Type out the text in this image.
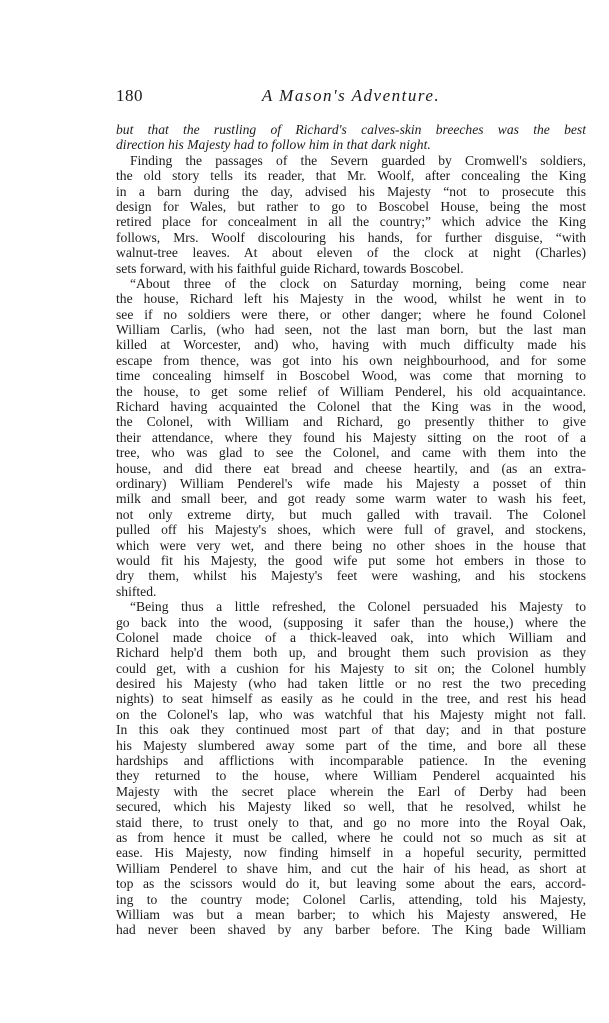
180	A Mason's Adventure.
but that the rustling of Richard's calves-skin breeches was the best
direction his Majesty had to follow him in that dark night.
Finding the passages of the Severn guarded by Cromwell's soldiers,
the old story tells its reader, that Mr. Woolf, after concealing the King
in a barn during the day, advised his Majesty “not to prosecute this
design for Wales, but rather to go to Boscobel House, being the most
retired place for concealment in all the country;” which advice the King
follows, Mrs. Woolf discolouring his hands, for further disguise, “with
walnut-tree leaves. At about eleven of the clock at night (Charles)
sets forward, with his faithful guide Richard, towards Boscobel.
“About three of the clock on Saturday morning, being come near
the house, Richard left his Majesty in the wood, whilst he went in to
see if no soldiers were there, or other danger; where he found Colonel
William Carlis, (who had seen, not the last man born, but the last man
killed at Worcester, and) who, having with much difficulty made his
escape from thence, was got into his own neighbourhood, and for some
time concealing himself in Boscobel Wood, was come that morning to
the house, to get some relief of William Penderel, his old acquaintance.
Richard having acquainted the Colonel that the King was in the wood,
the Colonel, with William and Richard, go presently thither to give
their attendance, where they found his Majesty sitting on the root of a
tree, who was glad to see the Colonel, and came with them into the
house, and did there eat bread and cheese heartily, and (as an extra-
ordinary) William Penderel's wife made his Majesty a posset of thin
milk and small beer, and got ready some warm water to wash his feet,
not only extreme dirty, but much galled with travail. The Colonel
pulled off his Majesty's shoes, which were full of gravel, and stockens,
which were very wet, and there being no other shoes in the house that
would fit his Majesty, the good wife put some hot embers in those to
dry them, whilst his Majesty's feet were washing, and his stockens
shifted.
“Being thus a little refreshed, the Colonel persuaded his Majesty to
go back into the wood, (supposing it safer than the house,) where the
Colonel made choice of a thick-leaved oak, into which William and
Richard help'd them both up, and brought them such provision as they
could get, with a cushion for his Majesty to sit on; the Colonel humbly
desired his Majesty (who had taken little or no rest the two preceding
nights) to seat himself as easily as he could in the tree, and rest his head
on the Colonel's lap, who was watchful that his Majesty might not fall.
In this oak they continued most part of that day; and in that posture
his Majesty slumbered away some part of the time, and bore all these
hardships and afflictions with incomparable patience. In the evening
they returned to the house, where William Penderel acquainted his
Majesty with the secret place wherein the Earl of Derby had been
secured, which his Majesty liked so well, that he resolved, whilst he
staid there, to trust onely to that, and go no more into the Royal Oak,
as from hence it must be called, where he could not so much as sit at
ease. His Majesty, now finding himself in a hopeful security, permitted
William Penderel to shave him, and cut the hair of his head, as short at
top as the scissors would do it, but leaving some about the ears, accord-
ing to the country mode; Colonel Carlis, attending, told his Majesty,
William was but a mean barber; to which his Majesty answered, He
had never been shaved by any barber before. The King bade William
